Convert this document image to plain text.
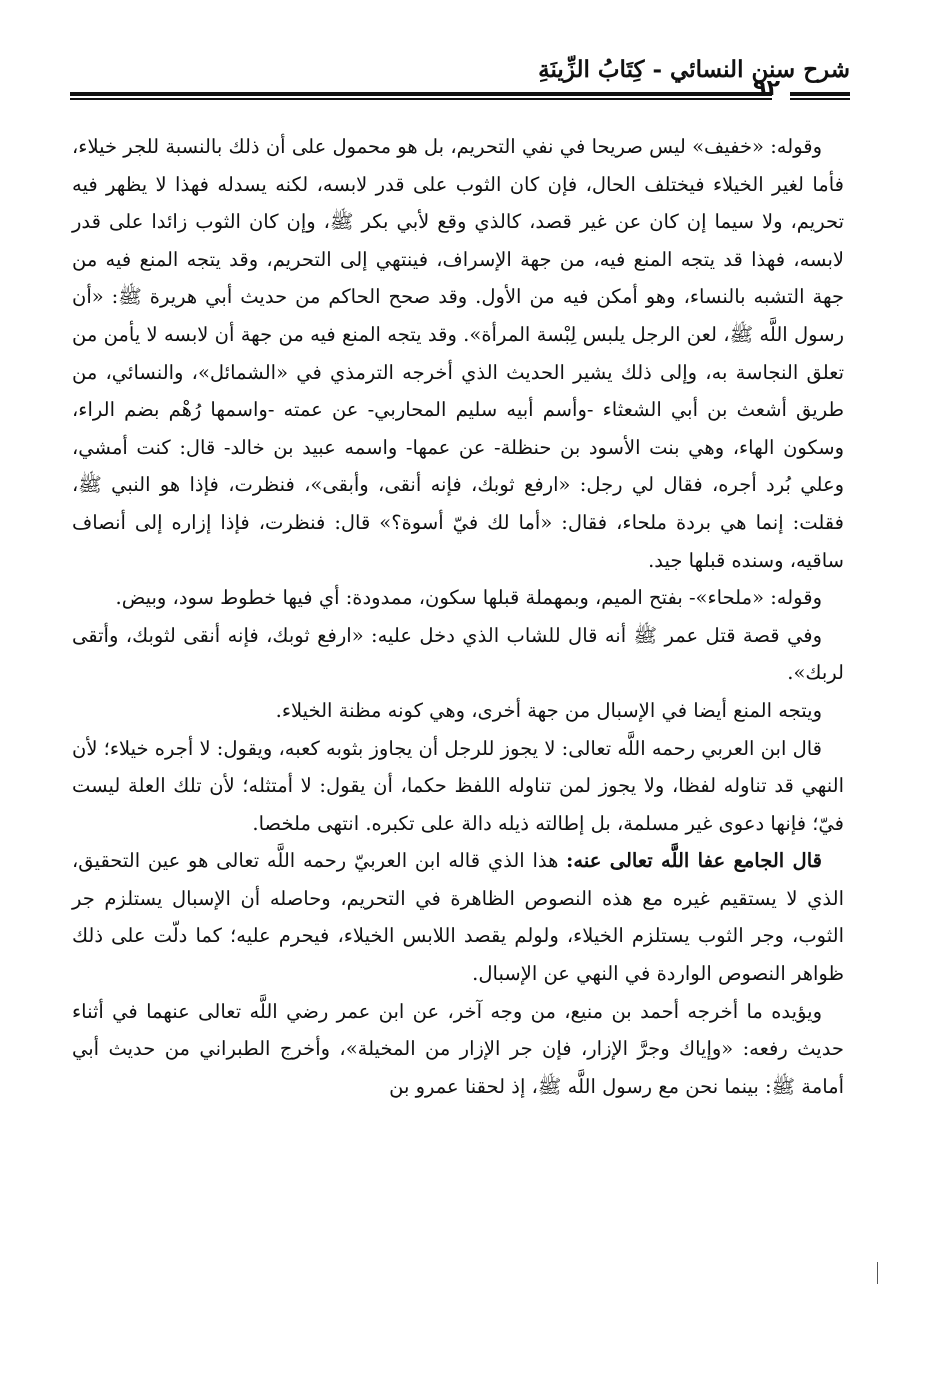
شرح سنن النسائي - كِتَابُ الزِّينَةِ
٩٢

وقوله: «خفيف» ليس صريحا في نفي التحريم، بل هو محمول على أن ذلك بالنسبة للجر خيلاء، فأما لغير الخيلاء فيختلف الحال، فإن كان الثوب على قدر لابسه، لكنه يسدله فهذا لا يظهر فيه تحريم، ولا سيما إن كان عن غير قصد، كالذي وقع لأبي بكر ﷺ، وإن كان الثوب زائدا على قدر لابسه، فهذا قد يتجه المنع فيه، من جهة الإسراف، فينتهي إلى التحريم، وقد يتجه المنع فيه من جهة التشبه بالنساء، وهو أمكن فيه من الأول. وقد صحح الحاكم من حديث أبي هريرة ﷺ: «أن رسول اللَّه ﷺ، لعن الرجل يلبس لِبْسة المرأة». وقد يتجه المنع فيه من جهة أن لابسه لا يأمن من تعلق النجاسة به، وإلى ذلك يشير الحديث الذي أخرجه الترمذي في «الشمائل»، والنسائي، من طريق أشعث بن أبي الشعثاء -وأسم أبيه سليم المحاربي- عن عمته -واسمها رُهْم بضم الراء، وسكون الهاء، وهي بنت الأسود بن حنظلة- عن عمها- واسمه عبيد بن خالد- قال: كنت أمشي، وعلي بُرد أجره، فقال لي رجل: «ارفع ثوبك، فإنه أنقى، وأبقى»، فنظرت، فإذا هو النبي ﷺ، فقلت: إنما هي بردة ملحاء، فقال: «أما لك فيّ أسوة؟» قال: فنظرت، فإذا إزاره إلى أنصاف ساقيه، وسنده قبلها جيد.

وقوله: «ملحاء»- بفتح الميم، وبمهملة قبلها سكون، ممدودة: أي فيها خطوط سود، وبيض.

وفي قصة قتل عمر ﷺ أنه قال للشاب الذي دخل عليه: «ارفع ثوبك، فإنه أنقى لثوبك، وأتقى لربك».

ويتجه المنع أيضا في الإسبال من جهة أخرى، وهي كونه مظنة الخيلاء.

قال ابن العربي رحمه اللَّه تعالى: لا يجوز للرجل أن يجاوز بثوبه كعبه، ويقول: لا أجره خيلاء؛ لأن النهي قد تناوله لفظا، ولا يجوز لمن تناوله اللفظ حكما، أن يقول: لا أمتثله؛ لأن تلك العلة ليست فيّ؛ فإنها دعوى غير مسلمة، بل إطالته ذيله دالة على تكبره. انتهى ملخصا.

قال الجامع عفا اللَّه تعالى عنه: هذا الذي قاله ابن العربيّ رحمه اللَّه تعالى هو عين التحقيق، الذي لا يستقيم غيره مع هذه النصوص الظاهرة في التحريم، وحاصله أن الإسبال يستلزم جر الثوب، وجر الثوب يستلزم الخيلاء، ولولم يقصد اللابس الخيلاء، فيحرم عليه؛ كما دلّت على ذلك ظواهر النصوص الواردة في النهي عن الإسبال.

ويؤيده ما أخرجه أحمد بن منيع، من وجه آخر، عن ابن عمر رضي اللَّه تعالى عنهما في أثناء حديث رفعه: «وإياك وجرَّ الإزار، فإن جر الإزار من المخيلة»، وأخرج الطبراني من حديث أبي أمامة ﷺ: بينما نحن مع رسول اللَّه ﷺ، إذ لحقنا عمرو بن
